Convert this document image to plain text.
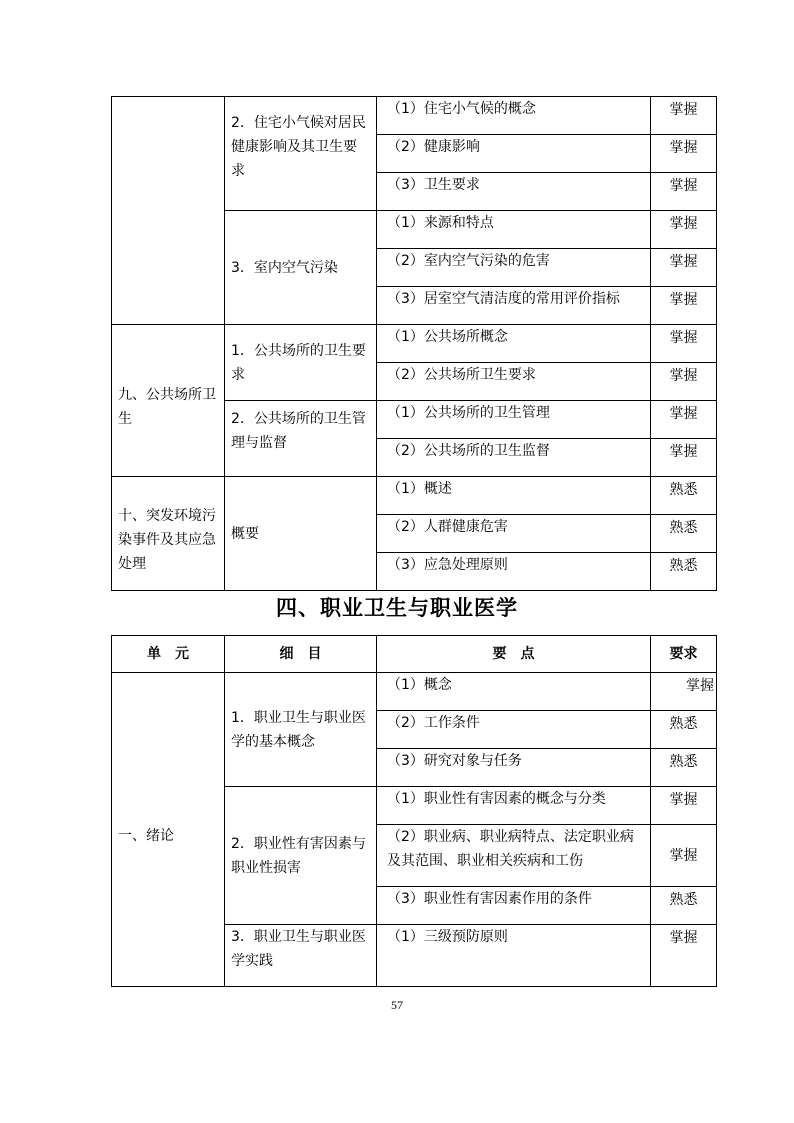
	2．住宅小气候对居民健康影响及其卫生要求	（1）住宅小气候的概念	掌握
		（2）健康影响	掌握
		（3）卫生要求	掌握
	3．室内空气污染	（1）来源和特点	掌握
		（2）室内空气污染的危害	掌握
		（3）居室空气清洁度的常用评价指标	掌握
九、公共场所卫生	1．公共场所的卫生要求	（1）公共场所概念	掌握
		（2）公共场所卫生要求	掌握
	2．公共场所的卫生管理与监督	（1）公共场所的卫生管理	掌握
		（2）公共场所的卫生监督	掌握
十、突发环境污染事件及其应急处理	概要	（1）概述	熟悉
		（2）人群健康危害	熟悉
		（3）应急处理原则	熟悉
四、职业卫生与职业医学
单　元	细　目	要　点	要求
一、绪论	1．职业卫生与职业医学的基本概念	（1）概念	掌握
		（2）工作条件	熟悉
		（3）研究对象与任务	熟悉
	2．职业性有害因素与职业性损害	（1）职业性有害因素的概念与分类	掌握
		（2）职业病、职业病特点、法定职业病及其范围、职业相关疾病和工伤	掌握
		（3）职业性有害因素作用的条件	熟悉
	3．职业卫生与职业医学实践	（1）三级预防原则	掌握
57
